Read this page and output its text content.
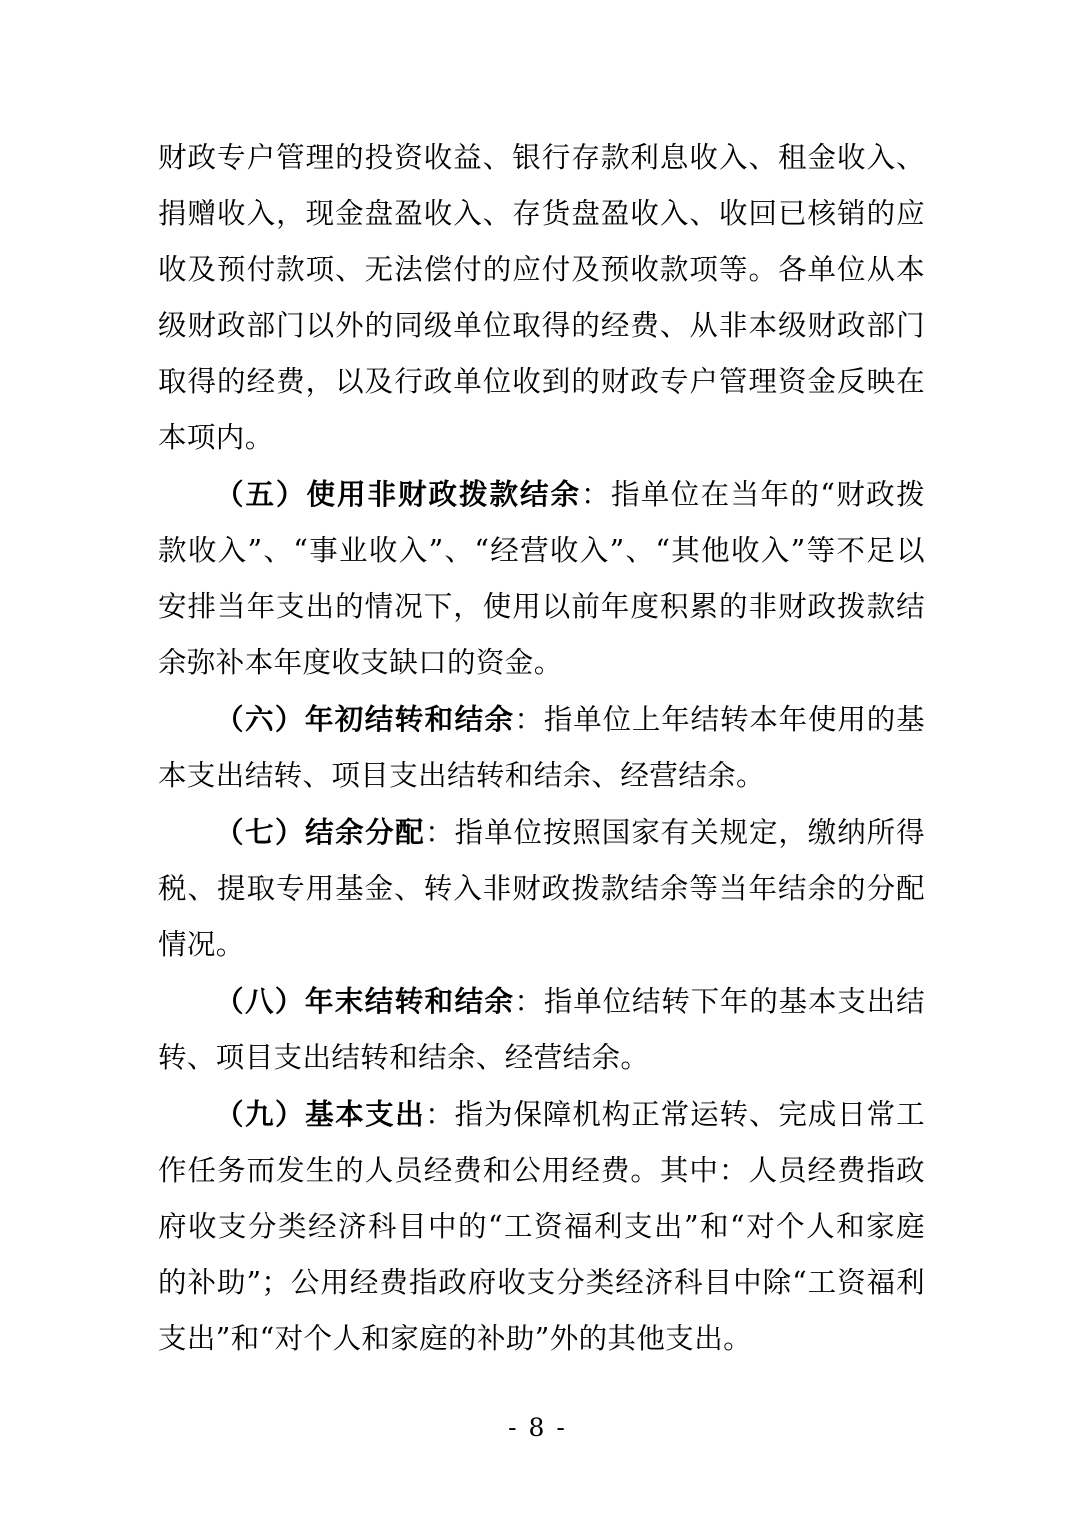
财政专户管理的投资收益、银行存款利息收入、租金收入、捐赠收入，现金盘盈收入、存货盘盈收入、收回已核销的应收及预付款项、无法偿付的应付及预收款项等。各单位从本级财政部门以外的同级单位取得的经费、从非本级财政部门取得的经费，以及行政单位收到的财政专户管理资金反映在本项内。

（五）使用非财政拨款结余：指单位在当年的“财政拨款收入”、“事业收入”、“经营收入”、“其他收入”等不足以安排当年支出的情况下，使用以前年度积累的非财政拨款结余弥补本年度收支缺口的资金。

（六）年初结转和结余：指单位上年结转本年使用的基本支出结转、项目支出结转和结余、经营结余。

（七）结余分配：指单位按照国家有关规定，缴纳所得税、提取专用基金、转入非财政拨款结余等当年结余的分配情况。

（八）年末结转和结余：指单位结转下年的基本支出结转、项目支出结转和结余、经营结余。

（九）基本支出：指为保障机构正常运转、完成日常工作任务而发生的人员经费和公用经费。其中：人员经费指政府收支分类经济科目中的“工资福利支出”和“对个人和家庭的补助”；公用经费指政府收支分类经济科目中除“工资福利支出”和“对个人和家庭的补助”外的其他支出。

- 8 -
